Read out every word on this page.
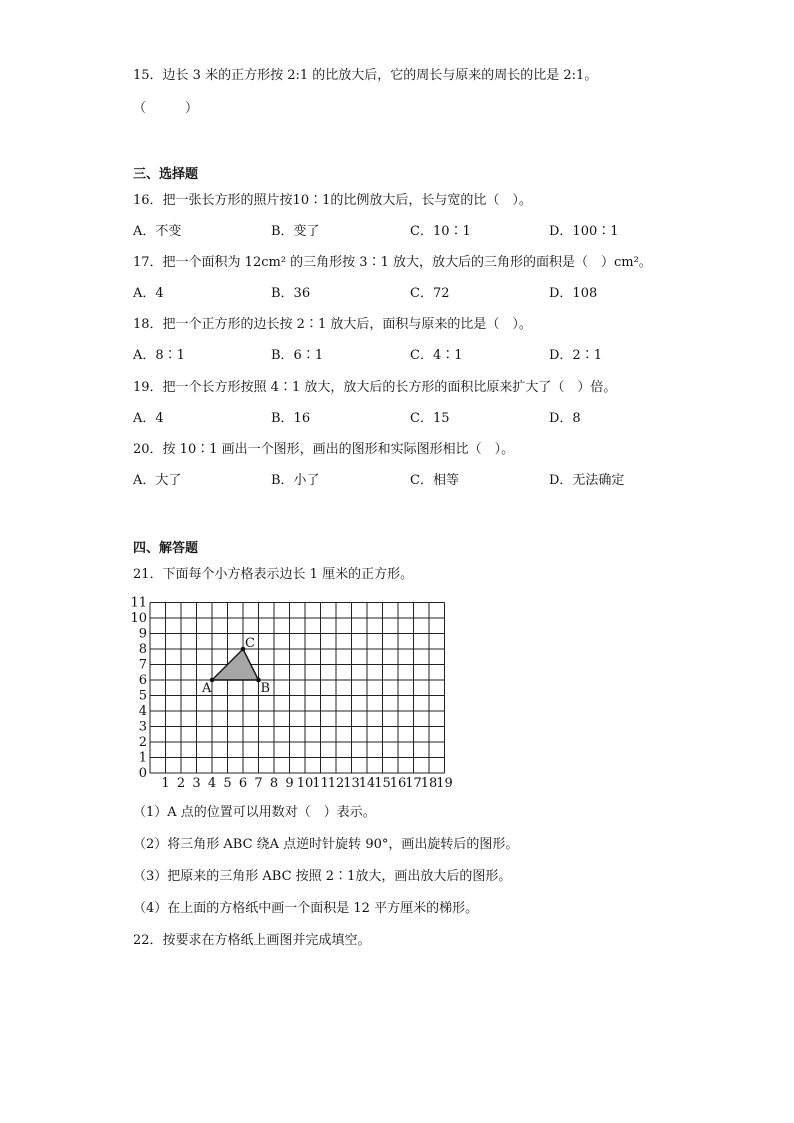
15．边长 3 米的正方形按 2:1 的比放大后，它的周长与原来的周长的比是 2:1。
（　　　）
三、选择题
16．把一张长方形的照片按10∶1的比例放大后，长与宽的比（　）。
A．不变	B．变了	C．10∶1	D．100∶1
17．把一个面积为 12cm² 的三角形按 3∶1 放大，放大后的三角形的面积是（　）cm²。
A．4	B．36	C．72	D．108
18．把一个正方形的边长按 2∶1 放大后，面积与原来的比是（　）。
A．8∶1	B．6∶1	C．4∶1	D．2∶1
19．把一个长方形按照 4∶1 放大，放大后的长方形的面积比原来扩大了（　）倍。
A．4	B．16	C．15	D．8
20．按 10∶1 画出一个图形，画出的图形和实际图形相比（　）。
A．大了	B．小了	C．相等	D．无法确定
四、解答题
21．下面每个小方格表示边长 1 厘米的正方形。
1 2 3 4 5 6 7 8 9 10
11
12
13
14
15
16
17
18
19
0
1
2
3
4
5
6
7
8
9
10
11
A	B
C
（1）A 点的位置可以用数对（　）表示。
（2）将三角形 ABC 绕A 点逆时针旋转 90°，画出旋转后的图形。
（3）把原来的三角形 ABC 按照 2∶1放大，画出放大后的图形。
（4）在上面的方格纸中画一个面积是 12 平方厘米的梯形。
22．按要求在方格纸上画图并完成填空。
